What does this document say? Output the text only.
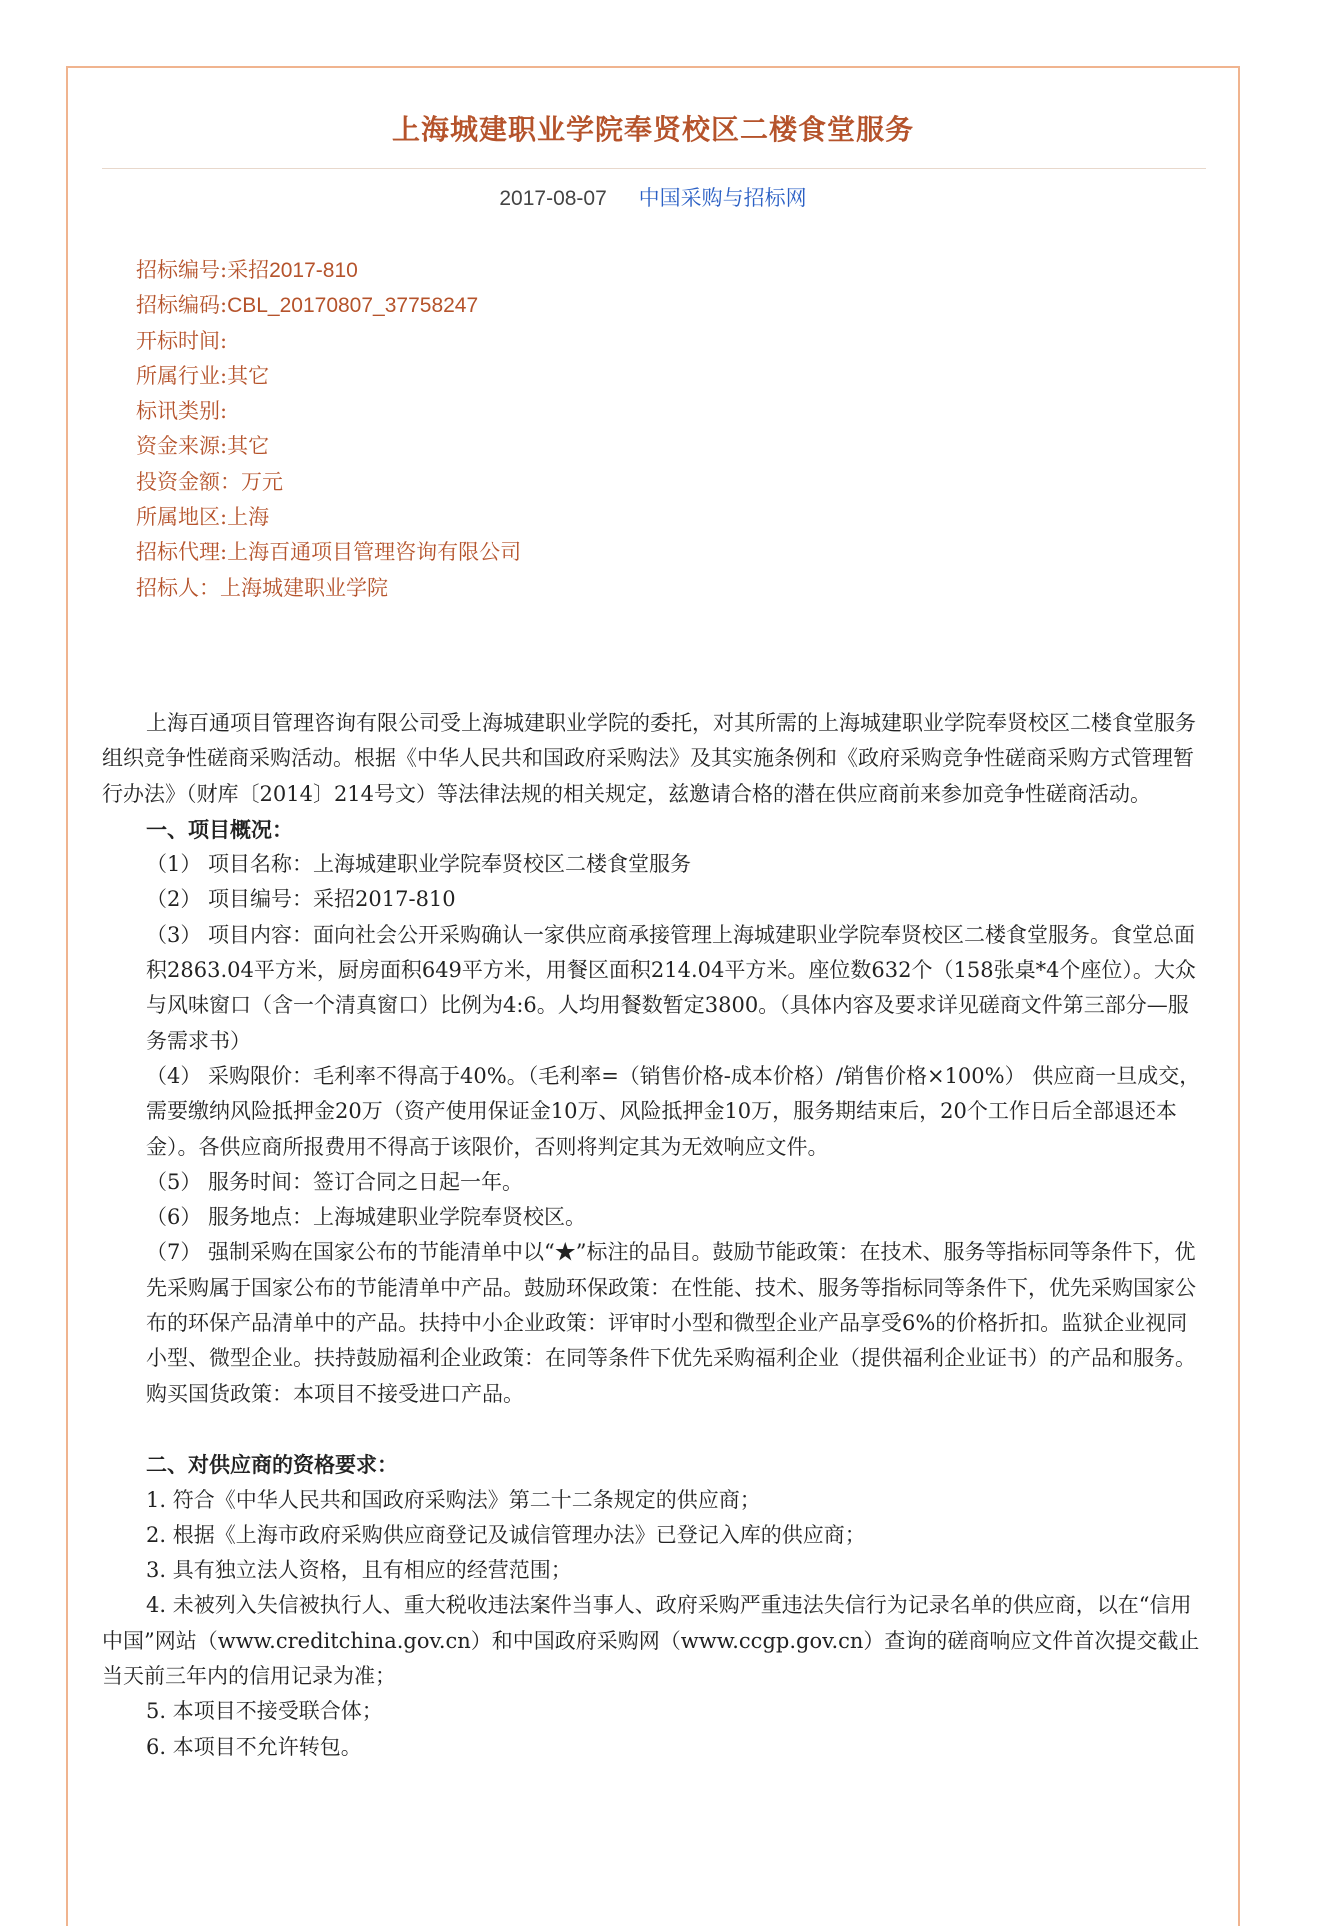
上海城建职业学院奉贤校区二楼食堂服务
2017-08-07 中国采购与招标网
招标编号:采招2017-810
招标编码:CBL_20170807_37758247
开标时间:
所属行业:其它
标讯类别:
资金来源:其它
投资金额：万元
所属地区:上海
招标代理:上海百通项目管理咨询有限公司
招标人：上海城建职业学院

上海百通项目管理咨询有限公司受上海城建职业学院的委托，对其所需的上海城建职业学院奉贤校区二楼食堂服务组织竞争性磋商采购活动。根据《中华人民共和国政府采购法》及其实施条例和《政府采购竞争性磋商采购方式管理暂行办法》（财库〔2014〕214号文）等法律法规的相关规定，兹邀请合格的潜在供应商前来参加竞争性磋商活动。

一、项目概况：

（1） 项目名称：上海城建职业学院奉贤校区二楼食堂服务

（2） 项目编号：采招2017-810

（3） 项目内容：面向社会公开采购确认一家供应商承接管理上海城建职业学院奉贤校区二楼食堂服务。食堂总面积2863.04平方米，厨房面积649平方米，用餐区面积214.04平方米。座位数632个（158张桌*4个座位）。大众与风味窗口（含一个清真窗口）比例为4:6。人均用餐数暂定3800。（具体内容及要求详见磋商文件第三部分—服务需求书）

（4） 采购限价：毛利率不得高于40%。（毛利率=（销售价格-成本价格）/销售价格×100%） 供应商一旦成交，需要缴纳风险抵押金20万（资产使用保证金10万、风险抵押金10万，服务期结束后，20个工作日后全部退还本金）。各供应商所报费用不得高于该限价，否则将判定其为无效响应文件。

（5） 服务时间：签订合同之日起一年。

（6） 服务地点：上海城建职业学院奉贤校区。

（7） 强制采购在国家公布的节能清单中以“★”标注的品目。鼓励节能政策：在技术、服务等指标同等条件下，优先采购属于国家公布的节能清单中产品。鼓励环保政策：在性能、技术、服务等指标同等条件下，优先采购国家公布的环保产品清单中的产品。扶持中小企业政策：评审时小型和微型企业产品享受6%的价格折扣。监狱企业视同小型、微型企业。扶持鼓励福利企业政策：在同等条件下优先采购福利企业（提供福利企业证书）的产品和服务。购买国货政策：本项目不接受进口产品。

二、对供应商的资格要求：

1. 符合《中华人民共和国政府采购法》第二十二条规定的供应商；

2. 根据《上海市政府采购供应商登记及诚信管理办法》已登记入库的供应商；

3. 具有独立法人资格，且有相应的经营范围；

4. 未被列入失信被执行人、重大税收违法案件当事人、政府采购严重违法失信行为记录名单的供应商，以在“信用中国”网站（www.creditchina.gov.cn）和中国政府采购网（www.ccgp.gov.cn）查询的磋商响应文件首次提交截止当天前三年内的信用记录为准；

5. 本项目不接受联合体；

6. 本项目不允许转包。
